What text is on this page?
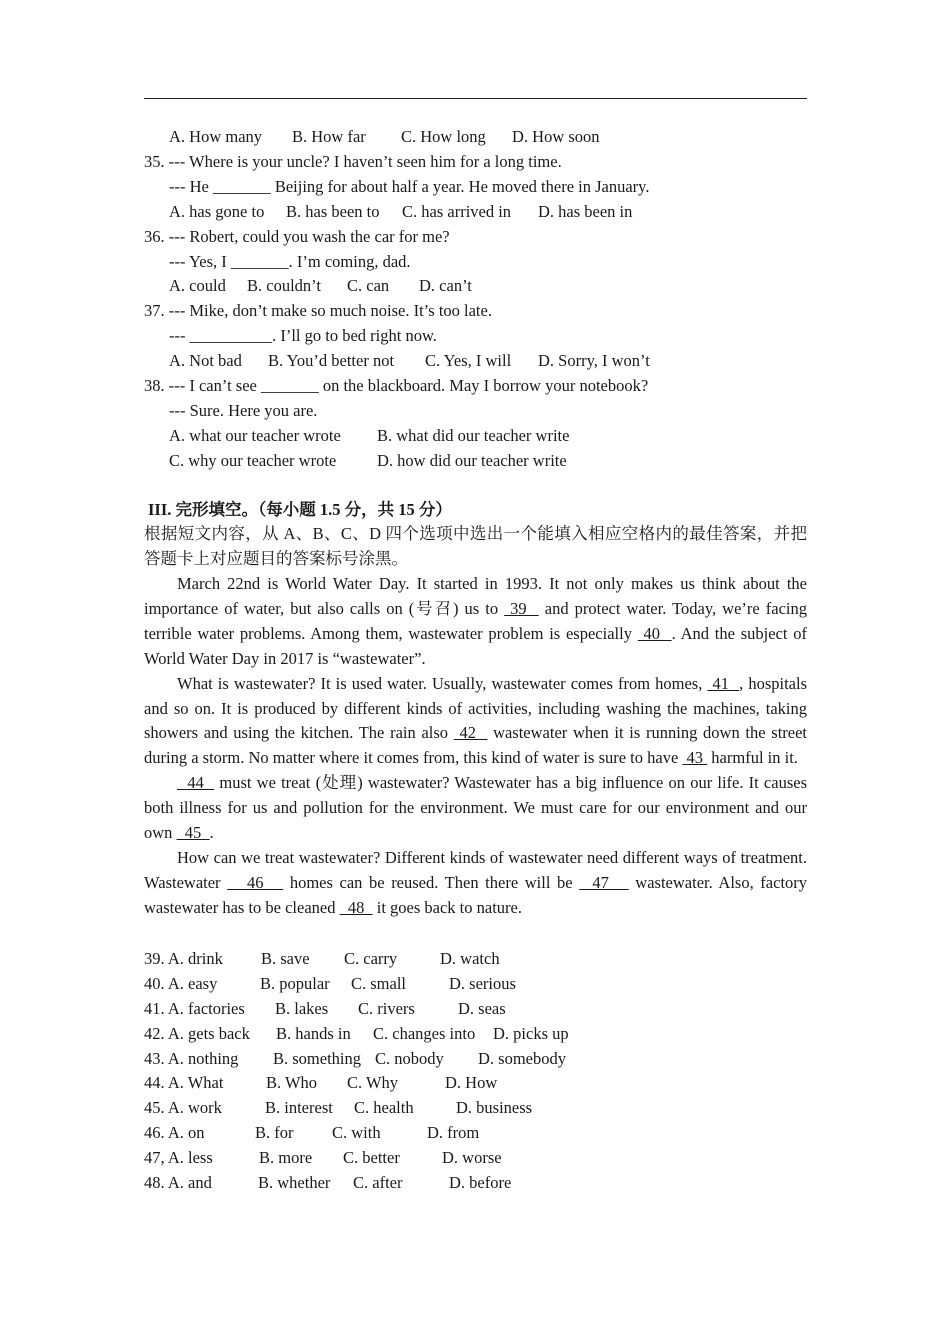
A. How many B. How far C. How long D. How soon
35. --- Where is your uncle? I haven’t seen him for a long time.
--- He _______ Beijing for about half a year. He moved there in January.
A. has gone to B. has been to C. has arrived in D. has been in
36. --- Robert, could you wash the car for me?
--- Yes, I _______. I’m coming, dad.
A. could B. couldn’t C. can D. can’t
37. --- Mike, don’t make so much noise. It’s too late.
--- __________. I’ll go to bed right now.
A. Not bad B. You’d better not C. Yes, I will D. Sorry, I won’t
38. --- I can’t see _______ on the blackboard. May I borrow your notebook?
--- Sure. Here you are.
A. what our teacher wrote B. what did our teacher write
C. why our teacher wrote D. how did our teacher write
III. 完形填空。（每小题 1.5 分，共 15 分）
根据短文内容，从 A、B、C、D 四个选项中选出一个能填入相应空格内的最佳答案，并把答题卡上对应题目的答案标号涂黑。

March 22nd is World Water Day. It started in 1993. It not only makes us think about the importance of water, but also calls on (号召) us to  39   and protect water. Today, we’re facing terrible water problems. Among them, wastewater problem is especially  40  . And the subject of World Water Day in 2017 is “wastewater”.

What is wastewater? It is used water. Usually, wastewater comes from homes,  41  , hospitals and so on. It is produced by different kinds of activities, including washing the machines, taking showers and using the kitchen. The rain also  42   wastewater when it is running down the street during a storm. No matter where it comes from, this kind of water is sure to have  43  harmful in it.

44   must we treat (处理) wastewater? Wastewater has a big influence on our life. It causes both illness for us and pollution for the environment. We must care for our environment and our own   45  .

How can we treat wastewater? Different kinds of wastewater need different ways of treatment. Wastewater    46    homes can be reused. Then there will be   47    wastewater. Also, factory wastewater has to be cleaned   48   it goes back to nature.

39. A. drink B. save C. carry	D. watch
40. A. easy	B. popular C. small	D. serious
41. A. factories B. lakes C. rivers	D. seas
42. A. gets back B. hands in C. changes into D. picks up
43. A. nothing B. something C. nobody D. somebody
44. A. What	B. Who C. Why	D. How
45. A. work	B. interest C. health	D. business
46. A. on	B. for C. with	D. from
47, A. less	B. more C. better	D. worse
48. A. and	B. whether C. after	D. before
